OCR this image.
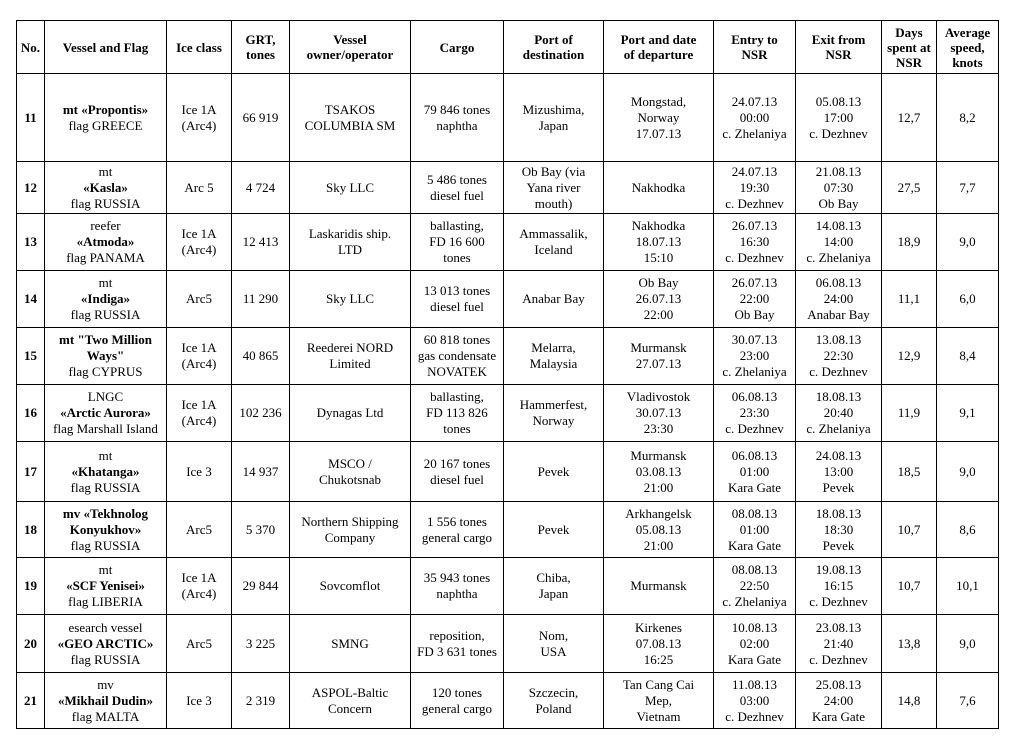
No.	Vessel and Flag	Ice class	GRT,
tones	Vessel
owner/operator	Cargo	Port of
destination	Port and date
of departure	Entry to
NSR	Exit from
NSR	Days
spent at
NSR	Average
speed,
knots

11	mt «Propontis»
flag GREECE	Ice 1A
(Arc4)	66 919	TSAKOS
COLUMBIA SM	79 846 tones
naphtha	Mizushima,
Japan	Mongstad,
Norway
17.07.13	24.07.13
00:00
c. Zhelaniya	05.08.13
17:00
c. Dezhnev	12,7	8,2
12	mt
«Kasla»
flag RUSSIA	Arc 5	4 724	Sky LLC	5 486 tones
diesel fuel	Ob Bay (via
Yana river
mouth)	Nakhodka	24.07.13
19:30
c. Dezhnev	21.08.13
07:30
Ob Bay	27,5	7,7
13	reefer
«Atmoda»
flag PANAMA	Ice 1A
(Arc4)	12 413	Laskaridis ship.
LTD	ballasting,
FD 16 600
tones	Ammassalik,
Iceland	Nakhodka
18.07.13
15:10	26.07.13
16:30
c. Dezhnev	14.08.13
14:00
c. Zhelaniya	18,9	9,0
14	mt
«Indiga»
flag RUSSIA	Arc5	11 290	Sky LLC	13 013 tones
diesel fuel	Anabar Bay	Ob Bay
26.07.13
22:00	26.07.13
22:00
Ob Bay	06.08.13
24:00
Anabar Bay	11,1	6,0
15	mt "Two Million
Ways"
flag CYPRUS	Ice 1A
(Arc4)	40 865	Reederei NORD
Limited	60 818 tones
gas condensate
NOVATEK	Melarra,
Malaysia	Murmansk
27.07.13	30.07.13
23:00
c. Zhelaniya	13.08.13
22:30
c. Dezhnev	12,9	8,4
16	LNGC
«Arctic Aurora»
flag Marshall Island	Ice 1A
(Arc4)	102 236	Dynagas Ltd	ballasting,
FD 113 826
tones	Hammerfest,
Norway	Vladivostok
30.07.13
23:30	06.08.13
23:30
c. Dezhnev	18.08.13
20:40
c. Zhelaniya	11,9	9,1
17	mt
«Khatanga»
flag RUSSIA	Ice 3	14 937	MSCO /
Chukotsnab	20 167 tones
diesel fuel	Pevek	Murmansk
03.08.13
21:00	06.08.13
01:00
Kara Gate	24.08.13
13:00
Pevek	18,5	9,0
18	mv «Tekhnolog
Konyukhov»
flag RUSSIA	Arc5	5 370	Northern Shipping
Company	1 556 tones
general cargo	Pevek	Arkhangelsk
05.08.13
21:00	08.08.13
01:00
Kara Gate	18.08.13
18:30
Pevek	10,7	8,6
19	mt
«SCF Yenisei»
flag LIBERIA	Ice 1A
(Arc4)	29 844	Sovcomflot	35 943 tones
naphtha	Chiba,
Japan	Murmansk	08.08.13
22:50
c. Zhelaniya	19.08.13
16:15
c. Dezhnev	10,7	10,1
20	esearch vessel
«GEO ARCTIC»
flag RUSSIA	Arc5	3 225	SMNG	reposition,
FD 3 631 tones	Nom,
USA	Kirkenes
07.08.13
16:25	10.08.13
02:00
Kara Gate	23.08.13
21:40
c. Dezhnev	13,8	9,0
21	mv
«Mikhail Dudin»
flag MALTA	Ice 3	2 319	ASPOL-Baltic
Concern	120 tones
general cargo	Szczecin,
Poland	Tan Cang Cai
Mep,
Vietnam	11.08.13
03:00
c. Dezhnev	25.08.13
24:00
Kara Gate	14,8	7,6
